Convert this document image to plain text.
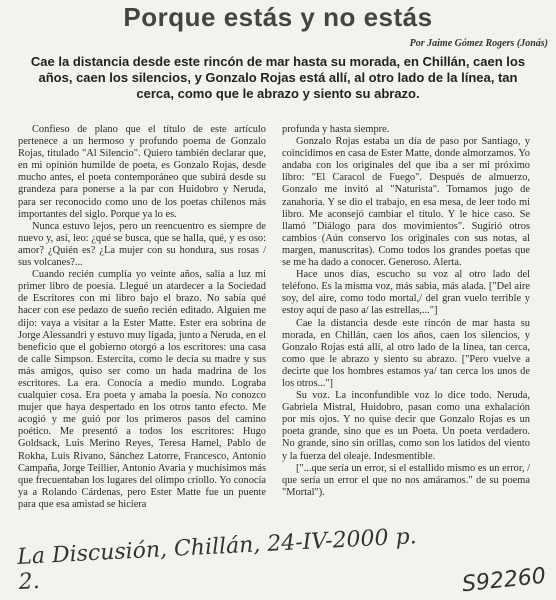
Porque estás y no estás
Por Jaime Gómez Rogers (Jonás)
Cae la distancia desde este rincón de mar hasta su morada, en Chillán, caen los años, caen los silencios, y Gonzalo Rojas está allí, al otro lado de la línea, tan cerca, como que le abrazo y siento su abrazo.

Confieso de plano que el título de este artículo pertenece a un hermoso y profundo poema de Gonzalo Rojas, titulado "Al Silencio". Quiero también declarar que, en mi opinión humilde de poeta, es Gonzalo Rojas, desde mucho antes, el poeta contemporáneo que subirá desde su grandeza para ponerse a la par con Huidobro y Neruda, para ser reconocido como uno de los poetas chilenos más importantes del siglo. Porque ya lo es.

Nunca estuvo lejos, pero un reencuentro es siempre de nuevo y, así, leo: ¿qué se busca, que se halla, qué, y es oso: amor? ¿Quién es? ¿La mujer con su hondura, sus rosas / sus volcanes?...

Cuando recién cumplía yo veinte años, salía a luz mi primer libro de poesía. Llegué un atardecer a la Sociedad de Escritores con mi libro bajo el brazo. No sabía qué hacer con ese pedazo de sueño recién editado. Alguien me dijo: vaya a visitar a la Ester Matte. Ester era sobrina de Jorge Alessandri y estuvo muy ligada, junto a Neruda, en el beneficio que el gobierno otorgó a los escritores: una casa de calle Simpson. Estercita, como le decía su madre y sus más amigos, quiso ser como un hada madrina de los escritores. La era. Conocía a medio mundo. Lograba cualquier cosa. Era poeta y amaba la poesía. No conozco mujer que haya despertado en los otros tanto efecto. Me acogió y me guió por los primeros pasos del camino poético. Me presentó a todos los escritores: Hugo Goldsack, Luis Merino Reyes, Teresa Hamel, Pablo de Rokha, Luis Rivano, Sánchez Latorre, Francesco, Antonio Campaña, Jorge Teillier, Antonio Avaria y muchísimos más que frecuentaban los lugares del olimpo criollo. Yo conocía ya a Rolando Cárdenas, pero Ester Matte fue un puente para que esa amistad se hiciera

profunda y hasta siempre.

Gonzalo Rojas estaba un día de paso por Santiago, y coincidimos en casa de Ester Matte, donde almorzamos. Yo andaba con los originales del que iba a ser mi próximo libro: "El Caracol de Fuego". Después de almuerzo, Gonzalo me invitó al "Naturista". Tomamos jugo de zanahoria. Y se dio el trabajo, en esa mesa, de leer todo mi libro. Me aconsejó cambiar el título. Y le hice caso. Se llamó "Diálogo para dos movimientos". Sugirió otros cambios (Aún conservo los originales con sus notas, al margen, manuscritas). Como todos los grandes poetas que se me ha dado a conocer. Generoso. Alerta.

Hace unos días, escucho su voz al otro lado del teléfono. Es la misma voz, más sabia, más alada. ["Del aire soy, del aire, como todo mortal,/ del gran vuelo terrible y estoy aquí de paso a/ las estrellas,..."]

Cae la distancia desde este rincón de mar hasta su morada, en Chillán, caen los años, caen los silencios, y Gonzalo Rojas está allí, al otro lado de la línea, tan cerca, como que le abrazo y siento su abrazo. ["Pero vuelve a decirte que los hombres estamos ya/ tan cerca los unos de los otros..."]

Su voz. La inconfundible voz lo dice todo. Neruda, Gabriela Mistral, Huidobro, pasan como una exhalación por mis ojos. Y no quise decir que Gonzalo Rojas es un poeta grande, sino que es un Poeta. Un poeta verdadero. No grande, sino sin orillas, como son los latidos del viento y la fuerza del oleaje. Indesmentible.

["...que sería un error, si el estallido mismo es un error, / que sería un error el que no nos amáramos." de su poema "Mortal").

La Discusión, Chillán, 24-IV-2000 p. 2.	S92260
